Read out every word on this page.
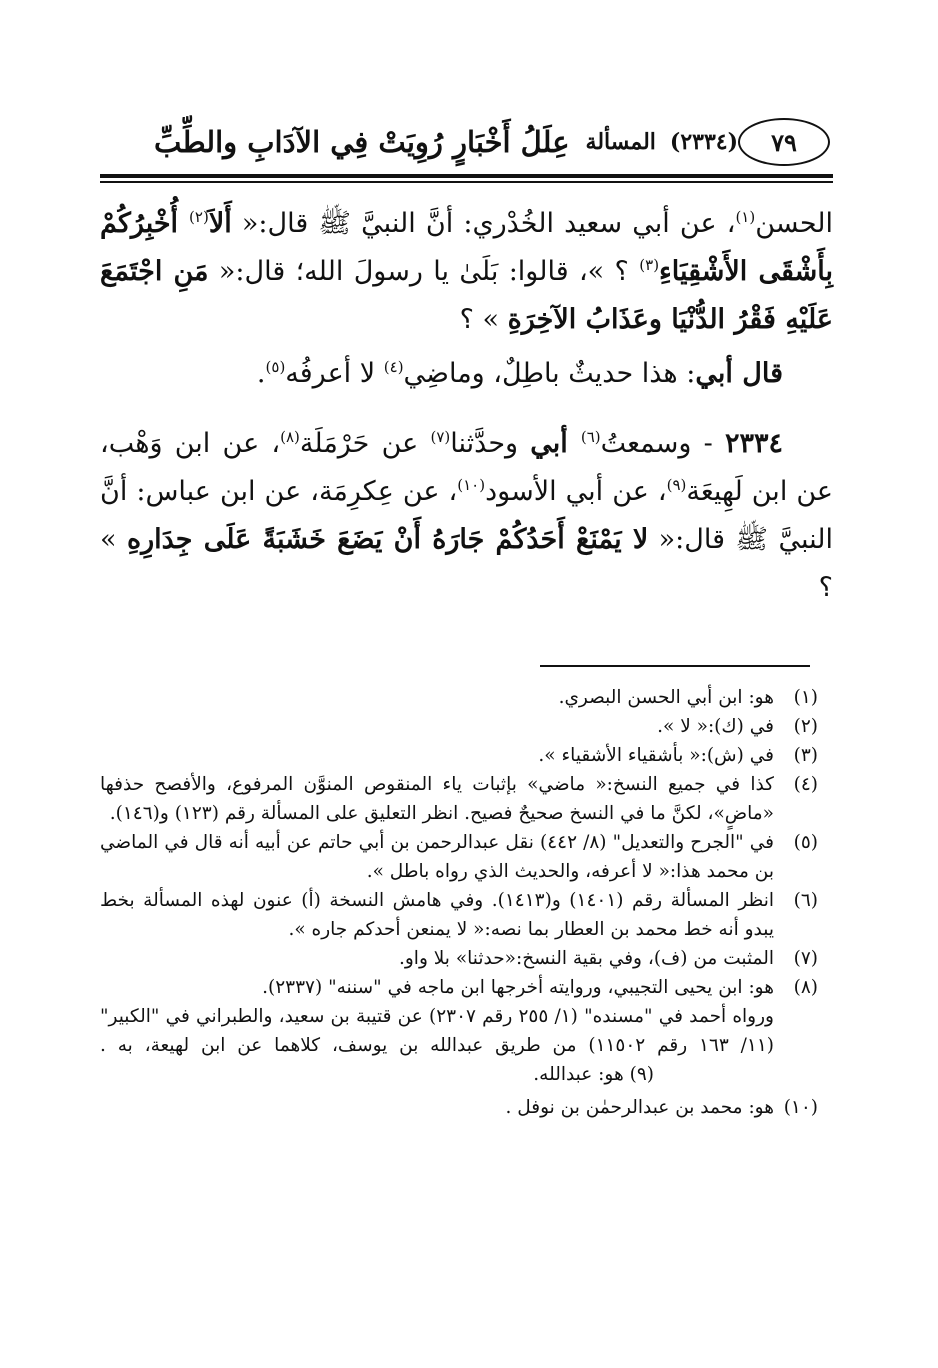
عِلَلُ أَخْبَارٍ رُوِيَتْ فِي الآدَابِ والطِّبِّ المسألة (٢٣٣٤) ٧٩

الحسن$^{(١)}$، عن أبي سعيد الخُدْري: أنَّ النبيَّ ﷺ قال:« أَلاَ$^{(٢)}$ أُخْبِرُكُمْ بِأَشْقَى الأَشْقِيَاءِ$^{(٣)}$ ؟ »، قالوا: بَلَىٰ يا رسولَ الله؛ قال:« مَنِ اجْتَمَعَ عَلَيْهِ فَقْرُ الدُّنْيَا وعَذَابُ الآخِرَةِ » ؟

قال أبي: هذا حديثٌ باطِلٌ، وماضِي$^{(٤)}$ لا أعرفُه$^{(٥)}$.

٢٣٣٤ - وسمعتُ$^{(٦)}$ أبي وحدَّثنا$^{(٧)}$ عن حَرْمَلَة$^{(٨)}$، عن ابن وَهْب، عن ابن لَهِيعَة$^{(٩)}$، عن أبي الأسود$^{(١٠)}$، عن عِكرِمَة، عن ابن عباس: أنَّ النبيَّ ﷺ قال:« لا يَمْنَعْ أَحَدُكُمْ جَارَهُ أَنْ يَضَعَ خَشَبَةً عَلَى جِدَارِهِ » ؟

(١)
هو: ابن أبي الحسن البصري.
(٢)
في (ك):« لا ».
(٣)
في (ش):« بأشقياء الأشقياء ».
(٤)
كذا في جميع النسخ:« ماضي» بإثبات ياء المنقوص المنوَّن المرفوع، والأفصح حذفها «ماضٍ»، لكنَّ ما في النسخ صحيحٌ فصيح. انظر التعليق على المسألة رقم (١٢٣) و(١٤٦).
(٥)
في "الجرح والتعديل" (٨/ ٤٤٢) نقل عبدالرحمن بن أبي حاتم عن أبيه أنه قال في الماضي بن محمد هذا:« لا أعرفه، والحديث الذي رواه باطل ».
(٦)
انظر المسألة رقم (١٤٠١) و(١٤١٣). وفي هامش النسخة (أ) عنون لهذه المسألة بخط يبدو أنه خط محمد بن العطار بما نصه:« لا يمنعن أحدكم جاره ».
(٧)
المثبت من (ف)، وفي بقية النسخ:«حدثنا» بلا واو.
(٨)
هو: ابن يحيى التجيبي، وروايته أخرجها ابن ماجه في "سننه" (٢٣٣٧).
ورواه أحمد في "مسنده" (١/ ٢٥٥ رقم ٢٣٠٧) عن قتيبة بن سعيد، والطبراني في "الكبير" (١١/ ١٦٣ رقم ١١٥٠٢) من طريق عبدالله بن يوسف، كلاهما عن ابن لهيعة، به .(٩) هو: عبدالله.
(١٠)
هو: محمد بن عبدالرحمٰن بن نوفل .
